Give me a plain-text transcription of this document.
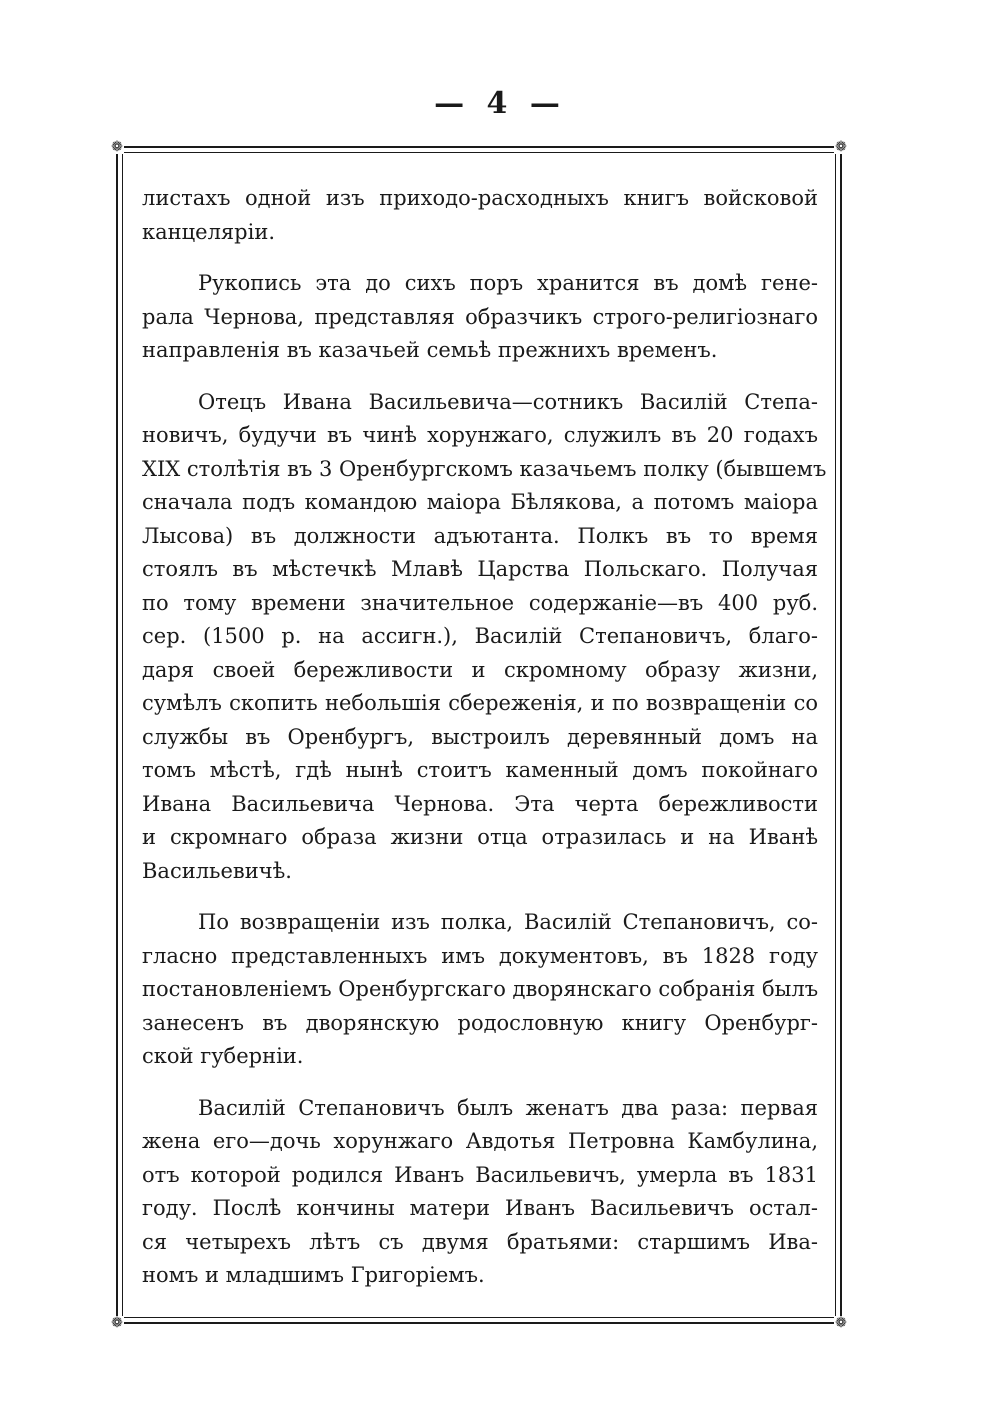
— 4 —
❁	❁
❁	❁
листахъ одной изъ приходо-расходныхъ книгъ войсковой
канцеляріи.
Рукопись эта до сихъ поръ хранится въ домѣ гене-
рала Чернова, представляя образчикъ строго-религіознаго
направленія въ казачьей семьѣ прежнихъ временъ.
Отецъ Ивана Васильевича—сотникъ Василій Степа-
новичъ, будучи въ чинѣ хорунжаго, служилъ въ 20 годахъ
XIX столѣтія въ 3 Оренбургскомъ казачьемъ полку (бывшемъ
сначала подъ командою маіора Бѣлякова, а потомъ маіора
Лысова) въ должности адъютанта. Полкъ въ то время
стоялъ въ мѣстечкѣ Млавѣ Царства Польскаго. Получая
по тому времени значительное содержаніе—въ 400 руб.
сер. (1500 р. на ассигн.), Василій Степановичъ, благо-
даря своей бережливости и скромному образу жизни,
сумѣлъ скопить небольшія сбереженія, и по возвращеніи со
службы въ Оренбургъ, выстроилъ деревянный домъ на
томъ мѣстѣ, гдѣ нынѣ стоитъ каменный домъ покойнаго
Ивана Васильевича Чернова. Эта черта бережливости
и скромнаго образа жизни отца отразилась и на Иванѣ
Васильевичѣ.
По возвращеніи изъ полка, Василій Степановичъ, со-
гласно представленныхъ имъ документовъ, въ 1828 году
постановленіемъ Оренбургскаго дворянскаго собранія былъ
занесенъ въ дворянскую родословную книгу Оренбург-
ской губерніи.
Василій Степановичъ былъ женатъ два раза: первая
жена его—дочь хорунжаго Авдотья Петровна Камбулина,
отъ которой родился Иванъ Васильевичъ, умерла въ 1831
году. Послѣ кончины матери Иванъ Васильевичъ остал-
ся четырехъ лѣтъ съ двумя братьями: старшимъ Ива-
номъ и младшимъ Григоріемъ.
